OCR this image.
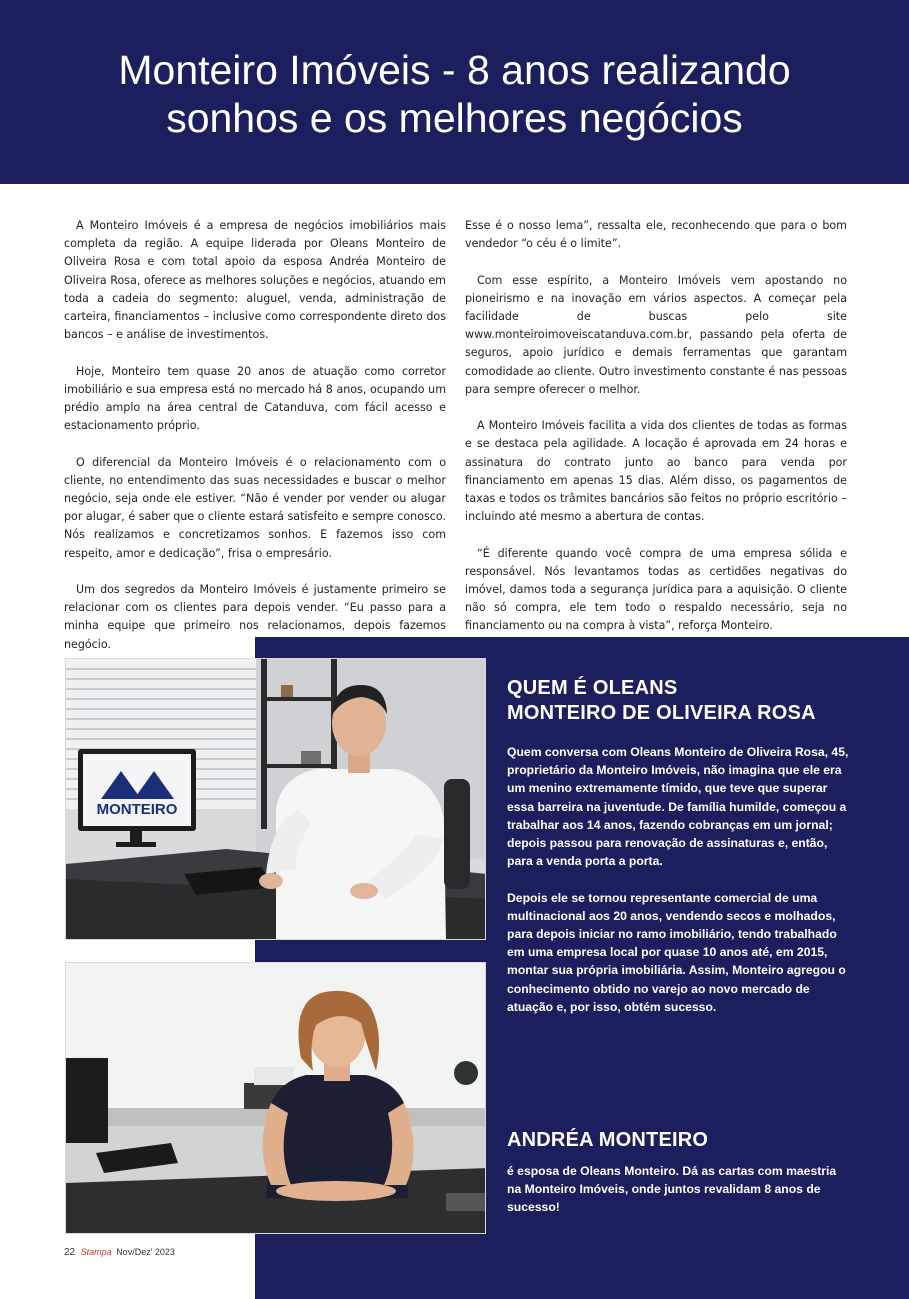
Monteiro Imóveis - 8 anos realizando
sonhos e os melhores negócios

A Monteiro Imóveis é a empresa de negócios imobiliários mais completa da região. A equipe liderada por Oleans Monteiro de Oliveira Rosa e com total apoio da esposa Andréa Monteiro de Oliveira Rosa, oferece as melhores soluções e negócios, atuando em toda a cadeia do segmento: aluguel, venda, administração de carteira, financiamentos – inclusive como correspondente direto dos bancos – e análise de investimentos.

Hoje, Monteiro tem quase 20 anos de atuação como corretor imobiliário e sua empresa está no mercado há 8 anos, ocupando um prédio amplo na área central de Catanduva, com fácil acesso e estacionamento próprio.

O diferencial da Monteiro Imóveis é o relacionamento com o cliente, no entendimento das suas necessidades e buscar o melhor negócio, seja onde ele estiver. “Não é vender por vender ou alugar por alugar, é saber que o cliente estará satisfeito e sempre conosco. Nós realizamos e concretizamos sonhos. E fazemos isso com respeito, amor e dedicação”, frisa o empresário.

Um dos segredos da Monteiro Imóveis é justamente primeiro se relacionar com os clientes para depois vender. “Eu passo para a minha equipe que primeiro nos relacionamos, depois fazemos negócio.

Esse é o nosso lema”, ressalta ele, reconhecendo que para o bom vendedor “o céu é o limite”.

Com esse espírito, a Monteiro Imóveis vem apostando no pioneirismo e na inovação em vários aspectos. A começar pela facilidade de buscas pelo site www.monteiroimoveiscatanduva.com.br, passando pela oferta de seguros, apoio jurídico e demais ferramentas que garantam comodidade ao cliente. Outro investimento constante é nas pessoas para sempre oferecer o melhor.

A Monteiro Imóveis facilita a vida dos clientes de todas as formas e se destaca pela agilidade. A locação é aprovada em 24 horas e assinatura do contrato junto ao banco para venda por financiamento em apenas 15 dias. Além disso, os pagamentos de taxas e todos os trâmites bancários são feitos no próprio escritório – incluindo até mesmo a abertura de contas.

“É diferente quando você compra de uma empresa sólida e responsável. Nós levantamos todas as certidões negativas do imóvel, damos toda a segurança jurídica para a aquisição. O cliente não só compra, ele tem todo o respaldo necessário, seja no financiamento ou na compra à vista”, reforça Monteiro.

MONTEIRO
QUEM É OLEANS
MONTEIRO DE OLIVEIRA ROSA

Quem conversa com Oleans Monteiro de Oliveira Rosa, 45, proprietário da Monteiro Imóveis, não imagina que ele era um menino extremamente tímido, que teve que superar essa barreira na juventude. De família humilde, começou a trabalhar aos 14 anos, fazendo cobranças em um jornal; depois passou para renovação de assinaturas e, então, para a venda porta a porta.

Depois ele se tornou representante comercial de uma multinacional aos 20 anos, vendendo secos e molhados, para depois iniciar no ramo imobiliário, tendo trabalhado em uma empresa local por quase 10 anos até, em 2015, montar sua própria imobiliária. Assim, Monteiro agregou o conhecimento obtido no varejo ao novo mercado de atuação e, por isso, obtém sucesso.

ANDRÉA MONTEIRO

é esposa de Oleans Monteiro. Dá as cartas com maestria na Monteiro Imóveis, onde juntos revalidam 8 anos de sucesso!

22 Stampa Nov/Dez' 2023
